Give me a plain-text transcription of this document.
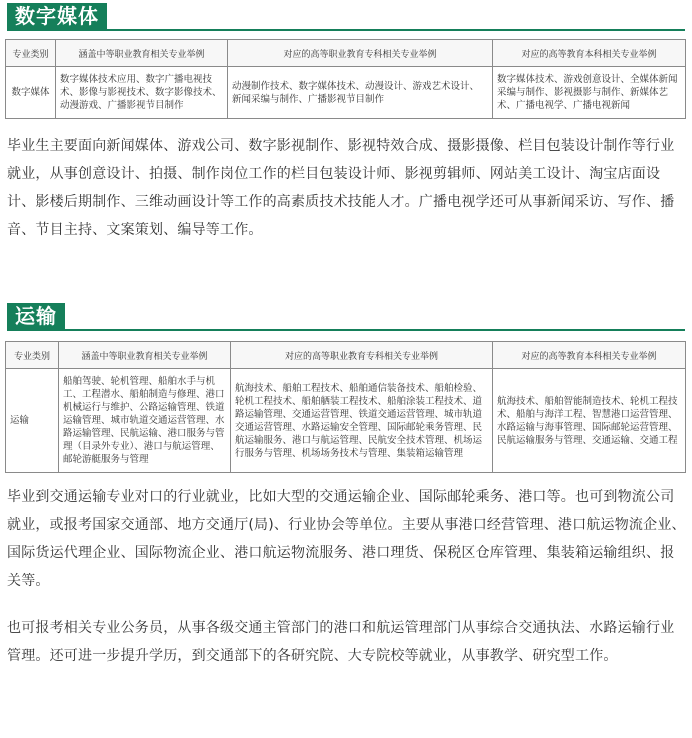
数字媒体
专业类别	涵盖中等职业教育相关专业举例	对应的高等职业教育专科相关专业举例	对应的高等教育本科相关专业举例
数字媒体	数字媒体技术应用、数字广播电视技术、影像与影视技术、数字影像技术、动漫游戏、广播影视节目制作	动漫制作技术、数字媒体技术、动漫设计、游戏艺术设计、新闻采编与制作、广播影视节目制作	数字媒体技术、游戏创意设计、全媒体新闻采编与制作、影视摄影与制作、新媒体艺术、广播电视学、广播电视新闻

毕业生主要面向新闻媒体、游戏公司、数字影视制作、影视特效合成、摄影摄像、栏目包装设计制作等行业就业，从事创意设计、拍摄、制作岗位工作的栏目包装设计师、影视剪辑师、网站美工设计、淘宝店面设计、影楼后期制作、三维动画设计等工作的高素质技术技能人才。广播电视学还可从事新闻采访、写作、播音、节目主持、文案策划、编导等工作。

运输
专业类别	涵盖中等职业教育相关专业举例	对应的高等职业教育专科相关专业举例	对应的高等教育本科相关专业举例
运输	船舶驾驶、轮机管理、船舶水手与机工、工程潜水、船舶制造与修理、港口机械运行与维护、公路运输管理、铁道运输管理、城市轨道交通运营管理、水路运输管理、民航运输、港口服务与管理（目录外专业）、港口与航运管理、邮轮游艇服务与管理	航海技术、船舶工程技术、船舶通信装备技术、船舶检验、轮机工程技术、船舶舾装工程技术、船舶涂装工程技术、道路运输管理、交通运营管理、铁道交通运营管理、城市轨道交通运营管理、水路运输安全管理、国际邮轮乘务管理、民航运输服务、港口与航运管理、民航安全技术管理、机场运行服务与管理、机场场务技术与管理、集装箱运输管理	航海技术、船舶智能制造技术、轮机工程技术、船舶与海洋工程、智慧港口运营管理、水路运输与海事管理、国际邮轮运营管理、民航运输服务与管理、交通运输、交通工程

毕业到交通运输专业对口的行业就业，比如大型的交通运输企业、国际邮轮乘务、港口等。也可到物流公司就业，或报考国家交通部、地方交通厅(局)、行业协会等单位。主要从事港口经营管理、港口航运物流企业、国际货运代理企业、国际物流企业、港口航运物流服务、港口理货、保税区仓库管理、集装箱运输组织、报关等。

也可报考相关专业公务员，从事各级交通主管部门的港口和航运管理部门从事综合交通执法、水路运输行业管理。还可进一步提升学历，到交通部下的各研究院、大专院校等就业，从事教学、研究型工作。
